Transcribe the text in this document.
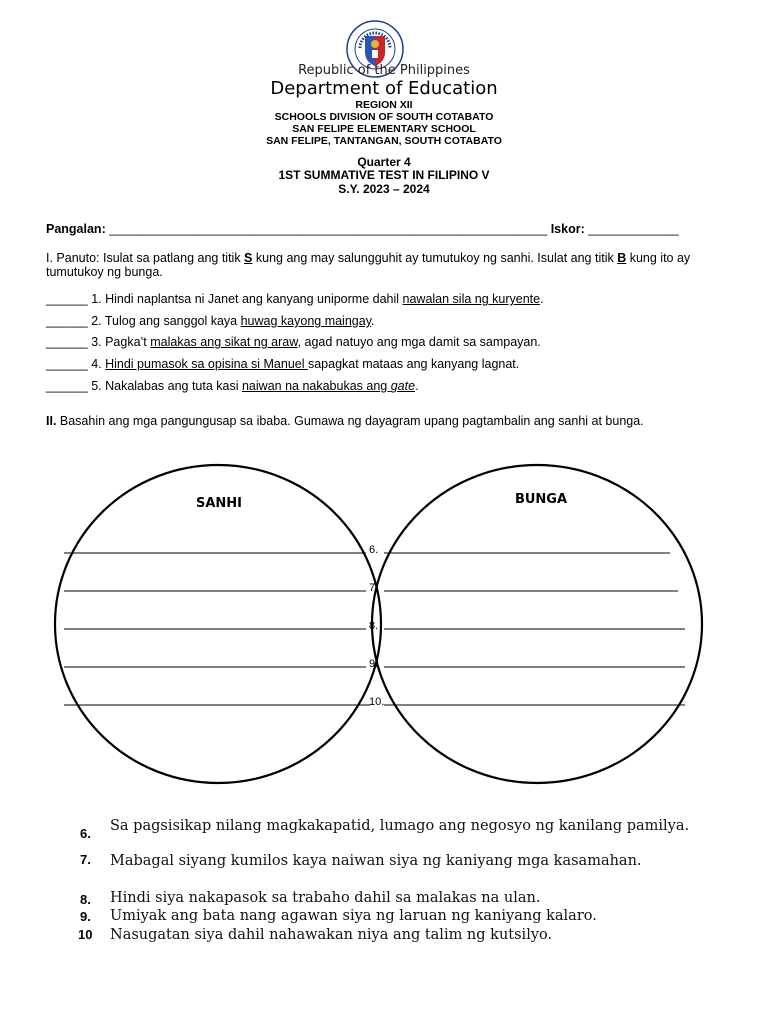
Republic of the Philippines
Department of Education
REGION XII
SCHOOLS DIVISION OF SOUTH COTABATO
SAN FELIPE ELEMENTARY SCHOOL
SAN FELIPE, TANTANGAN, SOUTH COTABATO
Quarter 4
1ST SUMMATIVE TEST IN FILIPINO V
S.Y. 2023 – 2024
Pangalan: _______________________________________________________________ Iskor: _____________
I. Panuto: Isulat sa patlang ang titik S kung ang may salungguhit ay tumutukoy ng sanhi. Isulat ang titik B kung ito ay tumutukoy ng bunga.
______ 1. Hindi naplantsa ni Janet ang kanyang uniporme dahil nawalan sila ng kuryente.
______ 2. Tulog ang sanggol kaya huwag kayong maingay.
______ 3. Pagka’t malakas ang sikat ng araw, agad natuyo ang mga damit sa sampayan.
______ 4. Hindi pumasok sa opisina si Manuel sapagkat mataas ang kanyang lagnat.
______ 5. Nakalabas ang tuta kasi naiwan na nakabukas ang gate.
II. Basahin ang mga pangungusap sa ibaba. Gumawa ng dayagram upang pagtambalin ang sanhi at bunga.
SANHI	BUNGA
6.
7.
8.
9.
10.
6. Sa pagsisikap nilang magkakapatid, lumago ang negosyo ng kanilang pamilya.
7. Mabagal siyang kumilos kaya naiwan siya ng kaniyang mga kasamahan.
8. Hindi siya nakapasok sa trabaho dahil sa malakas na ulan.
9. Umiyak ang bata nang agawan siya ng laruan ng kaniyang kalaro.
10 Nasugatan siya dahil nahawakan niya ang talim ng kutsilyo.
